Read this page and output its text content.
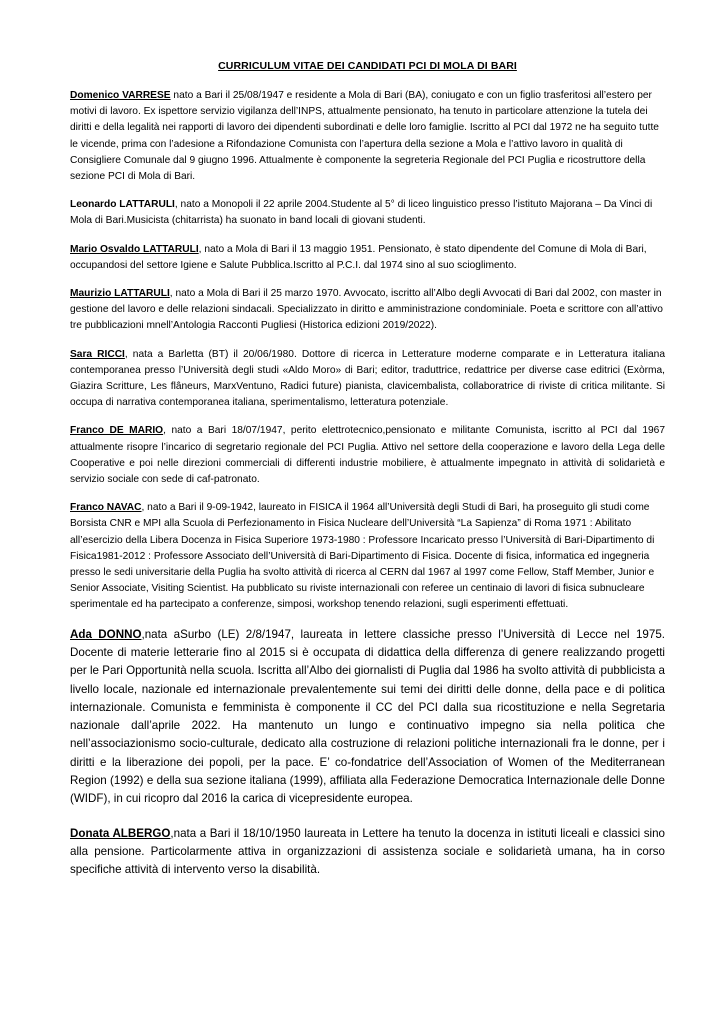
CURRICULUM VITAE DEI CANDIDATI PCI DI MOLA DI BARI

Domenico VARRESE nato a Bari il 25/08/1947 e residente a Mola di Bari (BA), coniugato e con un figlio trasferitosi all’estero per motivi di lavoro. Ex ispettore servizio vigilanza dell’INPS, attualmente pensionato, ha tenuto in particolare attenzione la tutela dei diritti e della legalità nei rapporti di lavoro dei dipendenti subordinati e delle loro famiglie. Iscritto al PCI dal 1972 ne ha seguito tutte le vicende, prima con l’adesione a Rifondazione Comunista con l’apertura della sezione a Mola e l’attivo lavoro in qualità di Consigliere Comunale dal 9 giugno 1996. Attualmente è componente la segreteria Regionale del PCI Puglia e ricostruttore della sezione PCI di Mola di Bari.

Leonardo LATTARULI, nato a Monopoli il 22 aprile 2004.Studente al 5° di liceo linguistico presso l’istituto Majorana – Da Vinci di Mola di Bari.Musicista (chitarrista) ha suonato in band locali di giovani studenti.

Mario Osvaldo LATTARULI, nato a Mola di Bari il 13 maggio 1951. Pensionato, è stato dipendente del Comune di Mola di Bari, occupandosi del settore Igiene e Salute Pubblica.Iscritto al P.C.I. dal 1974 sino al suo scioglimento.

Maurizio LATTARULI, nato a Mola di Bari il 25 marzo 1970. Avvocato, iscritto all’Albo degli Avvocati di Bari dal 2002, con master in gestione del lavoro e delle relazioni sindacali. Specializzato in diritto e amministrazione condominiale. Poeta e scrittore con all’attivo tre pubblicazioni mnell’Antologia Racconti Pugliesi (Historica edizioni 2019/2022).

Sara RICCI, nata a Barletta (BT) il 20/06/1980. Dottore di ricerca in Letterature moderne comparate e in Letteratura italiana contemporanea presso l’Università degli studi «Aldo Moro» di Bari; editor, traduttrice, redattrice per diverse case editrici (Exòrma, Giazira Scritture, Les flâneurs, MarxVentuno, Radici future) pianista, clavicembalista, collaboratrice di riviste di critica militante. Si occupa di narrativa contemporanea italiana, sperimentalismo, letteratura potenziale.

Franco DE MARIO, nato a Bari 18/07/1947, perito elettrotecnico,pensionato e militante Comunista, iscritto al PCI dal 1967 attualmente risopre l’incarico di segretario regionale del PCI Puglia. Attivo nel settore della cooperazione e lavoro della Lega delle Cooperative e poi nelle direzioni commerciali di differenti industrie mobiliere, è attualmente impegnato in attività di solidarietà e servizio sociale con sede di caf-patronato.

Franco NAVAC, nato a Bari il 9-09-1942, laureato in FISICA il 1964 all’Università degli Studi di Bari, ha proseguito gli studi come Borsista CNR e MPI alla Scuola di Perfezionamento in Fisica Nucleare dell’Università “La Sapienza” di Roma 1971 : Abilitato all’esercizio della Libera Docenza in Fisica Superiore 1973-1980 : Professore Incaricato presso l’Università di Bari-Dipartimento di Fisica1981-2012 : Professore Associato dell’Università di Bari-Dipartimento di Fisica. Docente di fisica, informatica ed ingegneria presso le sedi universitarie della Puglia ha svolto attività di ricerca al CERN dal 1967 al 1997 come Fellow, Staff Member, Junior e Senior Associate, Visiting Scientist. Ha pubblicato su riviste internazionali con referee un centinaio di lavori di fisica subnucleare sperimentale ed ha partecipato a conferenze, simposi, workshop tenendo relazioni, sugli esperimenti effettuati.

Ada DONNO,nata aSurbo (LE) 2/8/1947, laureata in lettere classiche presso l’Università di Lecce nel 1975. Docente di materie letterarie fino al 2015 si è occupata di didattica della differenza di genere realizzando progetti per le Pari Opportunità nella scuola. Iscritta all’Albo dei giornalisti di Puglia dal 1986 ha svolto attività di pubblicista a livello locale, nazionale ed internazionale prevalentemente sui temi dei diritti delle donne, della pace e di politica internazionale. Comunista e femminista è componente il CC del PCI dalla sua ricostituzione e nella Segretaria nazionale dall’aprile 2022. Ha mantenuto un lungo e continuativo impegno sia nella politica che nell’associazionismo socio-culturale, dedicato alla costruzione di relazioni politiche internazionali fra le donne, per i diritti e la liberazione dei popoli, per la pace. E’ co-fondatrice dell’Association of Women of the Mediterranean Region (1992) e della sua sezione italiana (1999), affiliata alla Federazione Democratica Internazionale delle Donne (WIDF), in cui ricopro dal 2016 la carica di vicepresidente europea.

Donata ALBERGO,nata a Bari il 18/10/1950 laureata in Lettere ha tenuto la docenza in istituti liceali e classici sino alla pensione. Particolarmente attiva in organizzazioni di assistenza sociale e solidarietà umana, ha in corso specifiche attività di intervento verso la disabilità.
